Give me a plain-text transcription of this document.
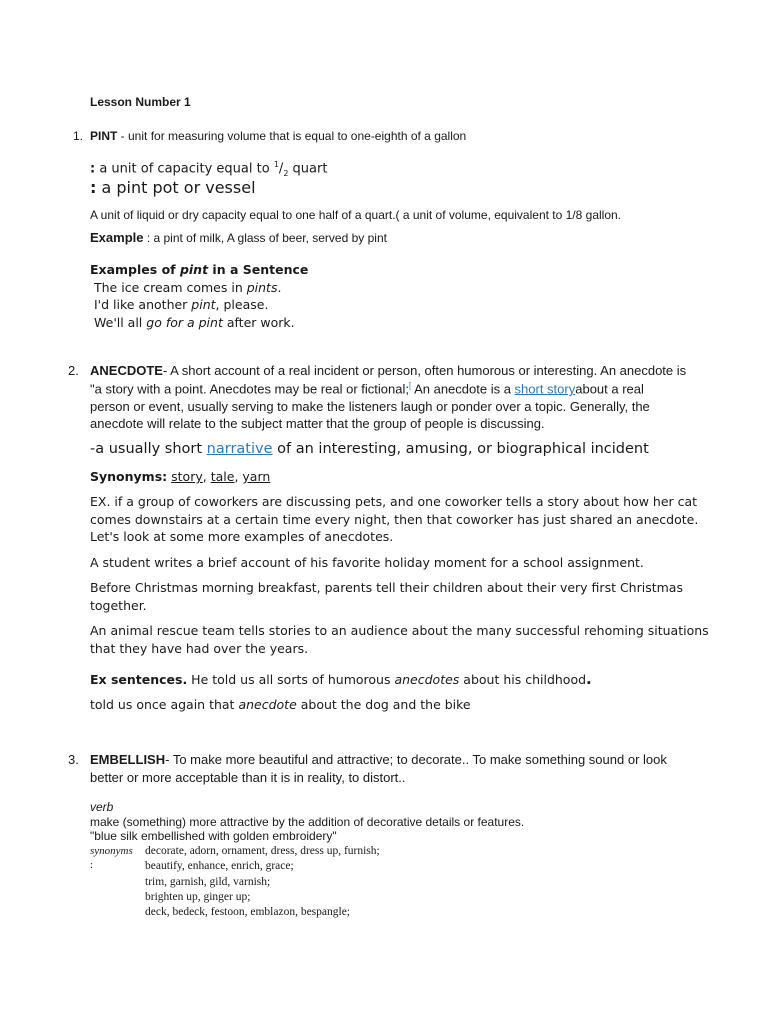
Lesson Number 1
1. PINT - unit for measuring volume that is equal to one-eighth of a gallon
: a unit of capacity equal to $^1/_2$ quart
: a pint pot or vessel
A unit of liquid or dry capacity equal to one half of a quart.( a unit of volume, equivalent to 1/8 gallon.
Example : a pint of milk, A glass of beer, served by pint
Examples of pint in a Sentence
The ice cream comes in pints.
I'd like another pint, please.
We'll all go for a pint after work.
2. ANECDOTE- A short account of a real incident or person, often humorous or interesting. An anecdote is
"a story with a point. Anecdotes may be real or fictional;[ An anecdote is a short storyabout a real
person or event, usually serving to make the listeners laugh or ponder over a topic. Generally, the
anecdote will relate to the subject matter that the group of people is discussing.
-a usually short narrative of an interesting, amusing, or biographical incident
Synonyms: story, tale, yarn
EX. if a group of coworkers are discussing pets, and one coworker tells a story about how her cat
comes downstairs at a certain time every night, then that coworker has just shared an anecdote.
Let's look at some more examples of anecdotes.
A student writes a brief account of his favorite holiday moment for a school assignment.
Before Christmas morning breakfast, parents tell their children about their very first Christmas
together.
An animal rescue team tells stories to an audience about the many successful rehoming situations
that they have had over the years.
Ex sentences. He told us all sorts of humorous anecdotes about his childhood.
told us once again that anecdote about the dog and the bike
3. EMBELLISH- To make more beautiful and attractive; to decorate.. To make something sound or look
better or more acceptable than it is in reality, to distort..
verb
make (something) more attractive by the addition of decorative details or features.
"blue silk embellished with golden embroidery"
synonyms
:
decorate, adorn, ornament, dress, dress up, furnish;
beautify, enhance, enrich, grace;
trim, garnish, gild, varnish;
brighten up, ginger up;
deck, bedeck, festoon, emblazon, bespangle;
